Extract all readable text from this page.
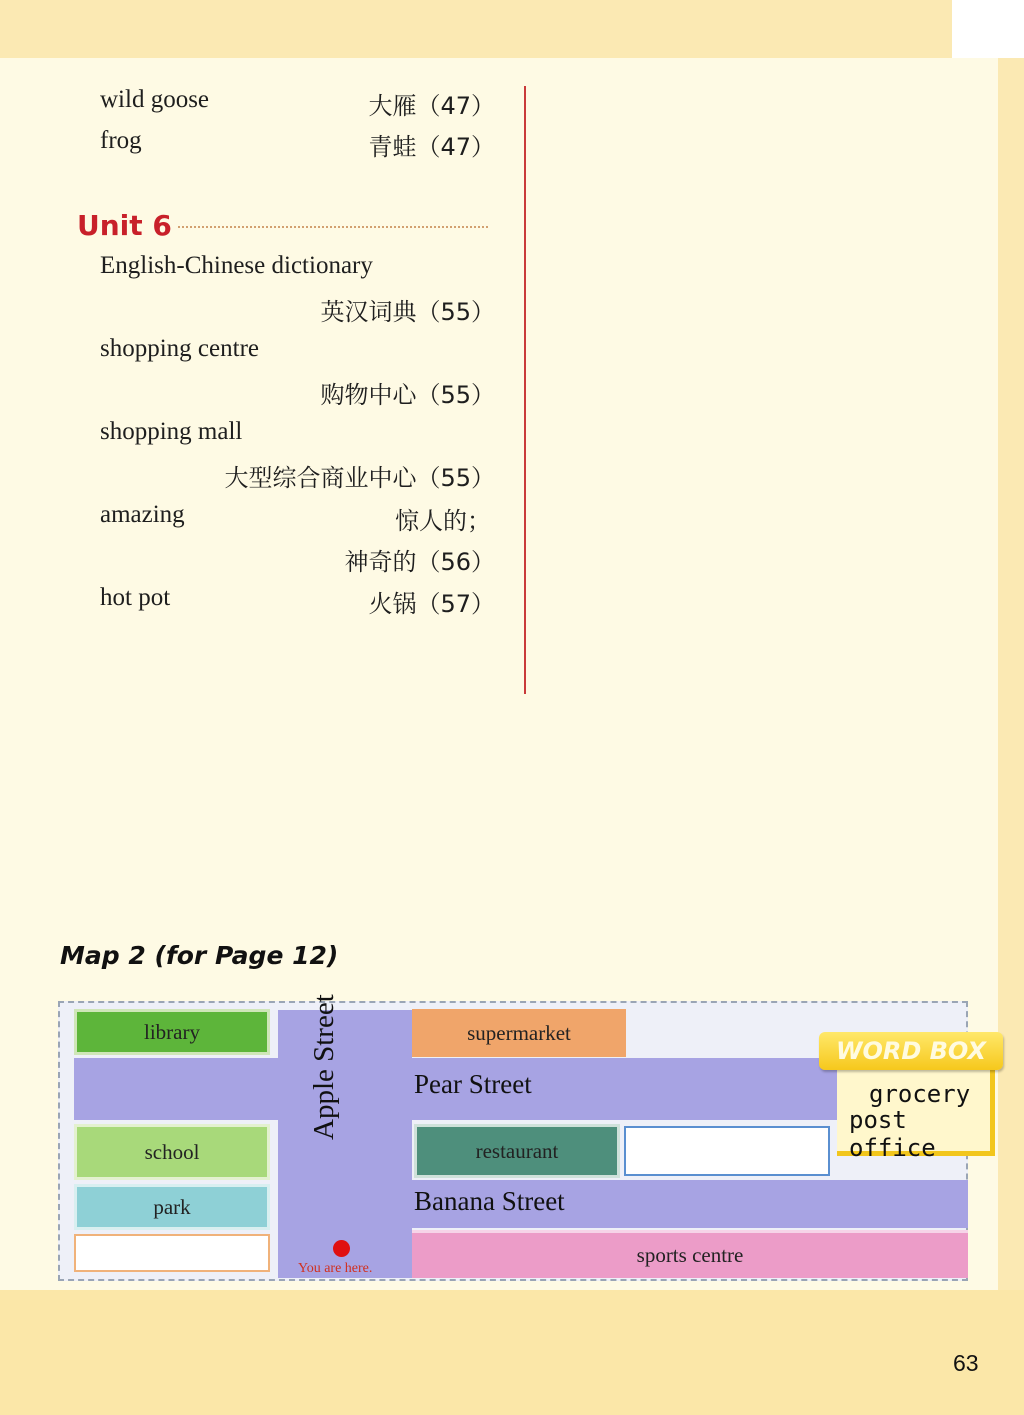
wild goose	大雁（47）
frog	青蛙（47）
Unit 6
English-Chinese dictionary
英汉词典（55）
shopping centre
购物中心（55）
shopping mall
大型综合商业中心（55）
amazing	惊人的；
神奇的（56）
hot pot	火锅（57）
Map 2 (for Page 12)
library
school
park
supermarket
restaurant
sports centre
Pear Street
Banana Street
Apple Street
You are here.
grocery
post office
WORD BOX
63
